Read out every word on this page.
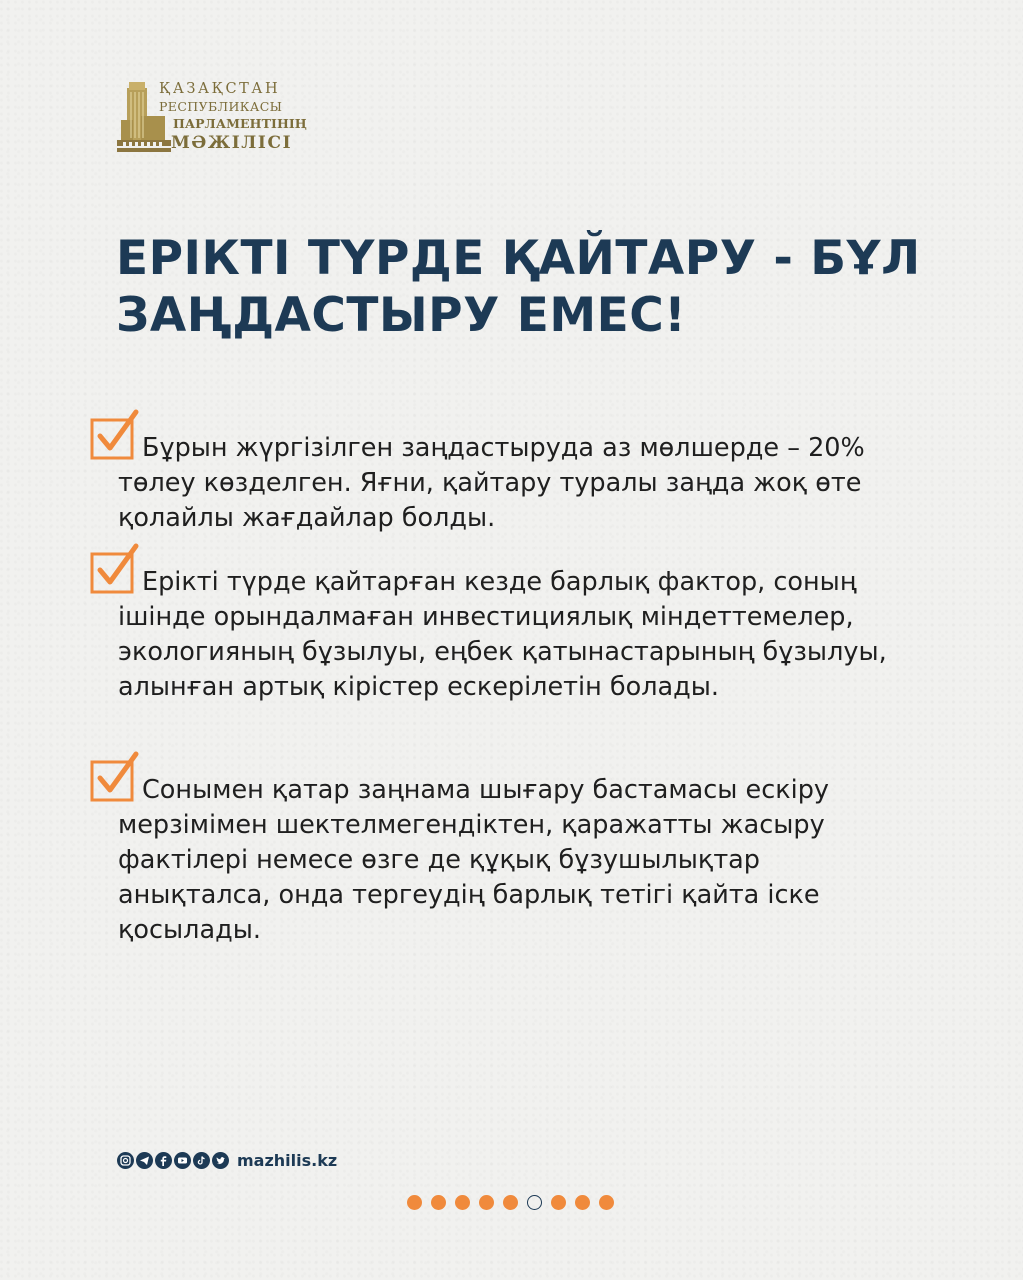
ҚАЗАҚСТАН
РЕСПУБЛИКАСЫ
ПАРЛАМЕНТІНІҢ
МӘЖІЛІСІ
ЕРІКТІ ТҮРДЕ ҚАЙТАРУ - БҰЛ ЗАҢДАСТЫРУ ЕМЕС!

Бұрын жүргізілген заңдастыруда аз мөлшерде – 20% төлеу көзделген. Яғни, қайтару туралы заңда жоқ өте қолайлы жағдайлар болды.

Ерікті түрде қайтарған кезде барлық фактор, соның ішінде орындалмаған инвестициялық міндеттемелер, экологияның бұзылуы, еңбек қатынастарының бұзылуы, алынған артық кірістер ескерілетін болады.

Сонымен қатар заңнама шығару бастамасы ескіру мерзімімен шектелмегендіктен, қаражатты жасыру фактілері немесе өзге де құқық бұзушылықтар анықталса, онда тергеудің барлық тетігі қайта іске қосылады.

mazhilis.kz
